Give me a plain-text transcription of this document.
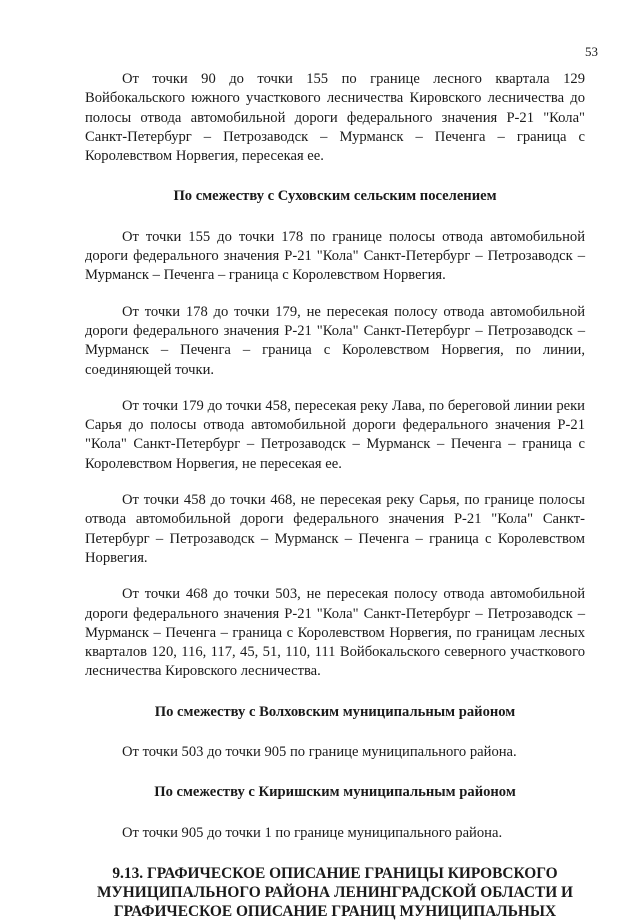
53

От точки 90 до точки 155 по границе лесного квартала 129 Войбокальского южного участкового лесничества Кировского лесничества до полосы отвода автомобильной дороги федерального значения Р-21 "Кола" Санкт-Петербург – Петрозаводск – Мурманск – Печенга – граница с Королевством Норвегия, пересекая ее.

По смежеству с Суховским сельским поселением

От точки 155 до точки 178 по границе полосы отвода автомобильной дороги федерального значения Р-21 "Кола" Санкт-Петербург – Петрозаводск – Мурманск – Печенга – граница с Королевством Норвегия.

От точки 178 до точки 179, не пересекая полосу отвода автомобильной дороги федерального значения Р-21 "Кола" Санкт-Петербург – Петрозаводск – Мурманск – Печенга – граница с Королевством Норвегия, по линии, соединяющей точки.

От точки 179 до точки 458, пересекая реку Лава, по береговой линии реки Сарья до полосы отвода автомобильной дороги федерального значения Р-21 "Кола" Санкт-Петербург – Петрозаводск – Мурманск – Печенга – граница с Королевством Норвегия, не пересекая ее.

От точки 458 до точки 468, не пересекая реку Сарья, по границе полосы отвода автомобильной дороги федерального значения Р-21 "Кола" Санкт-Петербург – Петрозаводск – Мурманск – Печенга – граница с Королевством Норвегия.

От точки 468 до точки 503, не пересекая полосу отвода автомобильной дороги федерального значения Р-21 "Кола" Санкт-Петербург – Петрозаводск – Мурманск – Печенга – граница с Королевством Норвегия, по границам лесных кварталов 120, 116, 117, 45, 51, 110, 111 Войбокальского северного участкового лесничества Кировского лесничества.

По смежеству с Волховским муниципальным районом

От точки 503 до точки 905 по границе муниципального района.

По смежеству с Киришским муниципальным районом

От точки 905 до точки 1 по границе муниципального района.

9.13. ГРАФИЧЕСКОЕ ОПИСАНИЕ ГРАНИЦЫ КИРОВСКОГО МУНИЦИПАЛЬНОГО РАЙОНА ЛЕНИНГРАДСКОЙ ОБЛАСТИ И ГРАФИЧЕСКОЕ ОПИСАНИЕ ГРАНИЦ МУНИЦИПАЛЬНЫХ
